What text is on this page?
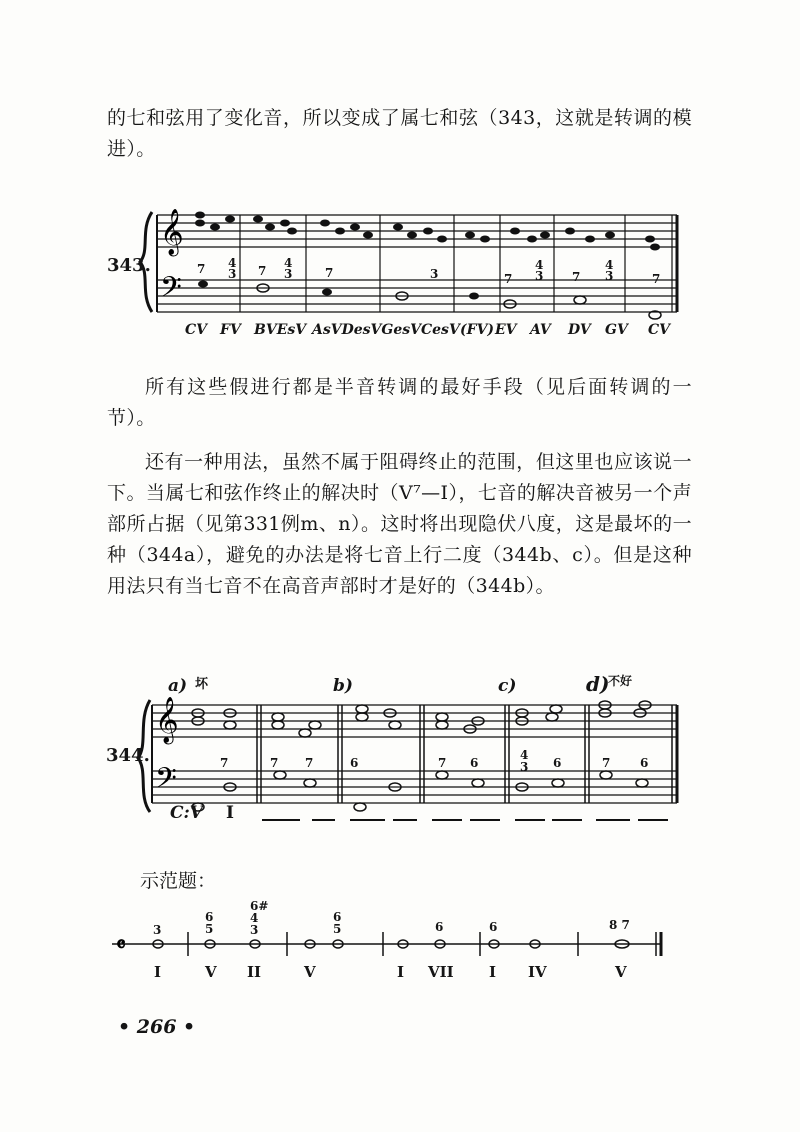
的七和弦用了变化音，所以变成了属七和弦（343，这就是转调的模进）。

𝄞
𝄢
𝄞
𝄢
𝄴
343.
CV FV BVEsV AsVDesVGesVCesV (FV) EV AV DV GV CV
7 4
3 7
4
3	7	3	7
4
3 7
4
3	7

所有这些假进行都是半音转调的最好手段（见后面转调的一节）。

还有一种用法，虽然不属于阻碍终止的范围，但这里也应该说一下。当属七和弦作终止的解决时（V⁷—I），七音的解决音被另一个声部所占据（见第331例m、n）。这时将出现隐伏八度，这是最坏的一种（344a），避免的办法是将七音上行二度（344b、c）。但是这种用法只有当七音不在高音声部时才是好的（344b）。

344.
a)	b)	c)	d)
坏	不好
C:V I
7	7	6
7	7 6
4
3 6	7 6
示范题：
3
6
5
6#
4
3
6
5	6	6	8 7
I	V II	V	I VII I IV	V
• 266 •
